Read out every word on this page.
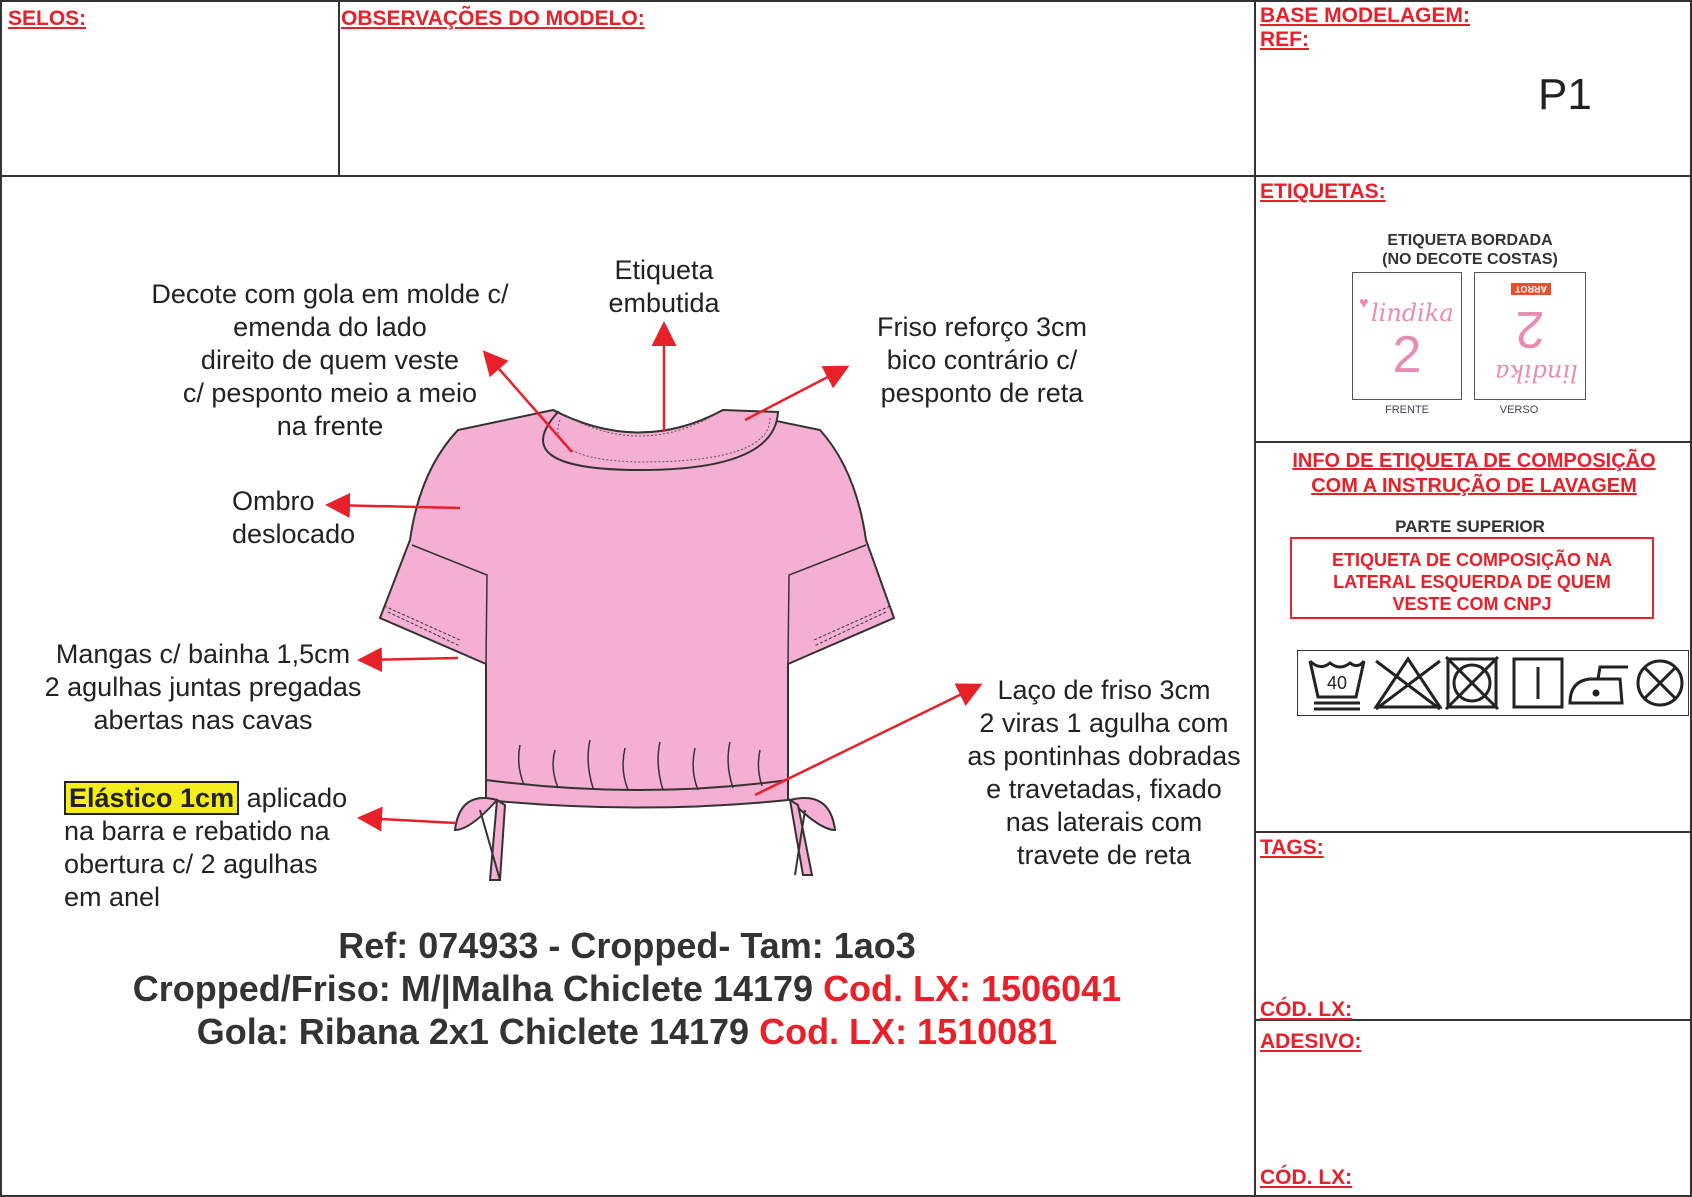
SELOS:	OBSERVAÇÕES DO MODELO:	BASE MODELAGEM:
REF:
P1
ETIQUETAS:
ETIQUETA BORDADA
(NO DECOTE COSTAS)
♥ lindika
2
ARROT
2
lindika
FRENTE	VERSO
INFO DE ETIQUETA DE COMPOSIÇÃO
COM A INSTRUÇÃO DE LAVAGEM
PARTE SUPERIOR
ETIQUETA DE COMPOSIÇÃO NA
LATERAL ESQUERDA DE QUEM
VESTE COM CNPJ
40
TAGS:
CÓD. LX:
ADESIVO:
CÓD. LX:
Etiqueta
embutida
Decote com gola em molde c/
emenda do lado
direito de quem veste
c/ pesponto meio a meio
na frente
Friso reforço 3cm
bico contrário c/
pesponto de reta
Ombro
deslocado
Mangas c/ bainha 1,5cm
2 agulhas juntas pregadas
abertas nas cavas
Laço de friso 3cm
2 viras 1 agulha com
as pontinhas dobradas
e travetadas, fixado
nas laterais com
travete de reta
Elástico 1cm aplicado
na barra e rebatido na
obertura c/ 2 agulhas
em anel
Ref: 074933 - Cropped- Tam: 1ao3
Cropped/Friso: M/|Malha Chiclete 14179 Cod. LX: 1506041
Gola: Ribana 2x1 Chiclete 14179 Cod. LX: 1510081
